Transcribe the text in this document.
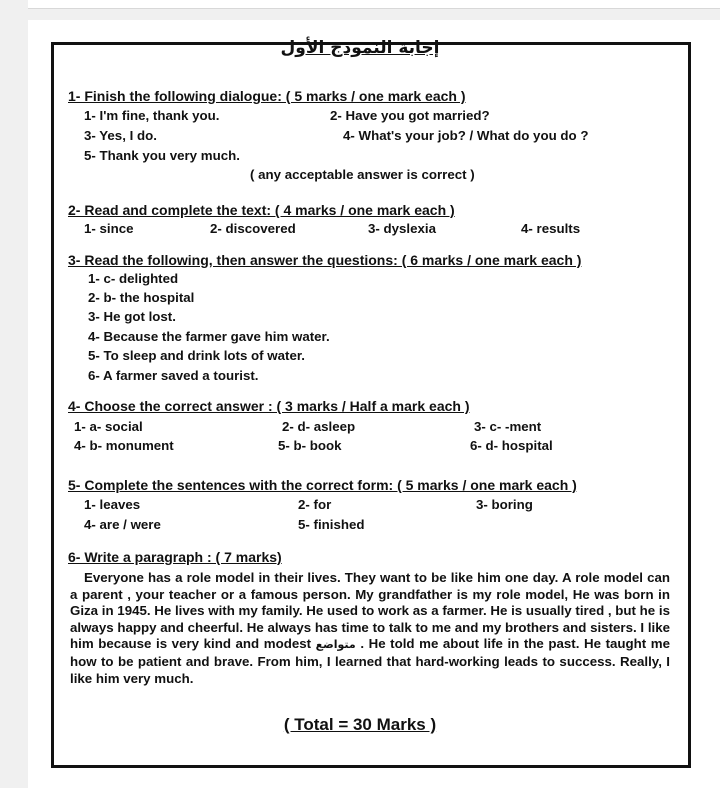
إجابة النموذج الأول
1- Finish the following dialogue: ( 5 marks / one mark each )
1- I'm fine, thank you.	2- Have you got married?
3- Yes, I do.	4- What's your job? / What do you do ?
5- Thank you very much.
( any acceptable answer is correct )
2- Read and complete the text: ( 4 marks / one mark each )
1- since	2- discovered	3- dyslexia	4- results
3- Read the following, then answer the questions: ( 6 marks / one mark each )
1- c- delighted
2- b- the hospital
3- He got lost.
4- Because the farmer gave him water.
5- To sleep and drink lots of water.
6- A farmer saved a tourist.
4- Choose the correct answer : ( 3 marks / Half a mark each )
1- a- social	2- d- asleep	3- c- -ment
4- b- monument	5- b- book	6- d- hospital
5- Complete the sentences with the correct form: ( 5 marks / one mark each )
1- leaves	2- for	3- boring
4- are / were	5- finished
6- Write a paragraph : ( 7 marks)
Everyone has a role model in their lives. They want to be like him one day. A role model can a parent , your teacher or a famous person. My grandfather is my role model, He was born in Giza in 1945. He lives with my family. He used to work as a farmer. He is usually tired , but he is always happy and cheerful. He always has time to talk to me and my brothers and sisters. I like him because is very kind and modest متواضع . He told me about life in the past. He taught me how to be patient and brave. From him, I learned that hard-working leads to success. Really, I like him very much.
( Total = 30 Marks )
